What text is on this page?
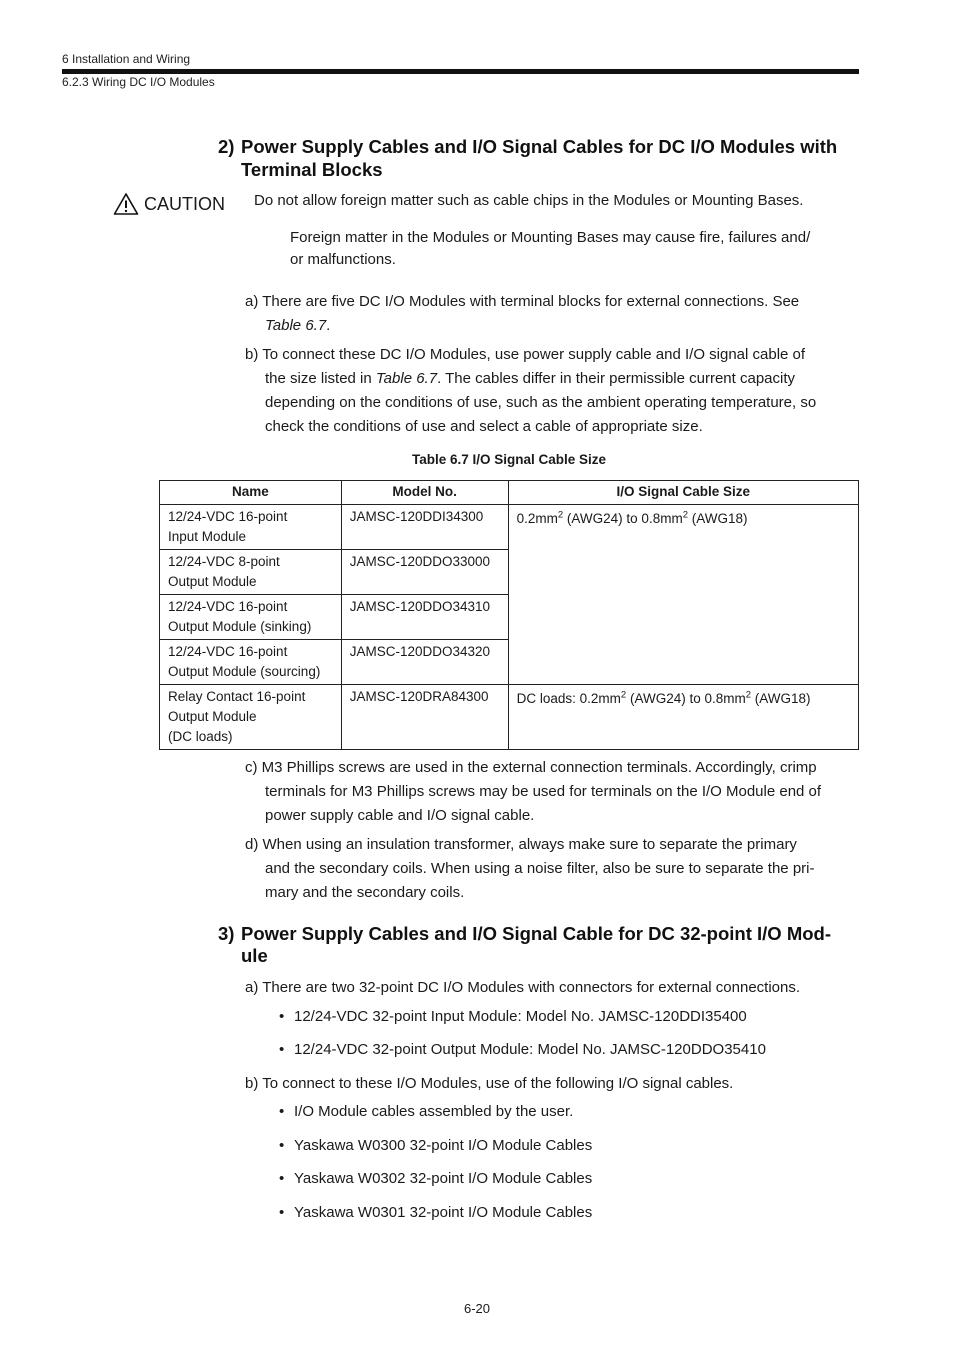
6 Installation and Wiring
6.2.3 Wiring DC I/O Modules
2) Power Supply Cables and I/O Signal Cables for DC I/O Modules with
Terminal Blocks
CAUTION Do not allow foreign matter such as cable chips in the Modules or Mounting Bases.
Foreign matter in the Modules or Mounting Bases may cause fire, failures and/
or malfunctions.
a) There are five DC I/O Modules with terminal blocks for external connections. See
Table 6.7.
b) To connect these DC I/O Modules, use power supply cable and I/O signal cable of
the size listed in Table 6.7. The cables differ in their permissible current capacity
depending on the conditions of use, such as the ambient operating temperature, so
check the conditions of use and select a cable of appropriate size.
Table 6.7 I/O Signal Cable Size
Name	Model No.	I/O Signal Cable Size

12/24-VDC 16-point
Input Module	JAMSC-120DDI34300	$0.2mm^2$ (AWG24) to $0.8mm^2$ (AWG18)

12/24-VDC 8-point
Output Module	JAMSC-120DDO33000	

12/24-VDC 16-point
Output Module (sinking)	JAMSC-120DDO34310	

12/24-VDC 16-point
Output Module (sourcing)	JAMSC-120DDO34320	

Relay Contact 16-point
Output Module
(DC loads)	JAMSC-120DRA84300	DC loads: $0.2mm^2$ (AWG24) to $0.8mm^2$ (AWG18)
c) M3 Phillips screws are used in the external connection terminals. Accordingly, crimp
terminals for M3 Phillips screws may be used for terminals on the I/O Module end of
power supply cable and I/O signal cable.
d) When using an insulation transformer, always make sure to separate the primary
and the secondary coils. When using a noise filter, also be sure to separate the pri-
mary and the secondary coils.
3) Power Supply Cables and I/O Signal Cable for DC 32-point I/O Mod-
ule
a) There are two 32-point DC I/O Modules with connectors for external connections.
• 12/24-VDC 32-point Input Module: Model No. JAMSC-120DDI35400
• 12/24-VDC 32-point Output Module: Model No. JAMSC-120DDO35410
b) To connect to these I/O Modules, use of the following I/O signal cables.
• I/O Module cables assembled by the user.
• Yaskawa W0300 32-point I/O Module Cables
• Yaskawa W0302 32-point I/O Module Cables
• Yaskawa W0301 32-point I/O Module Cables
6-20
